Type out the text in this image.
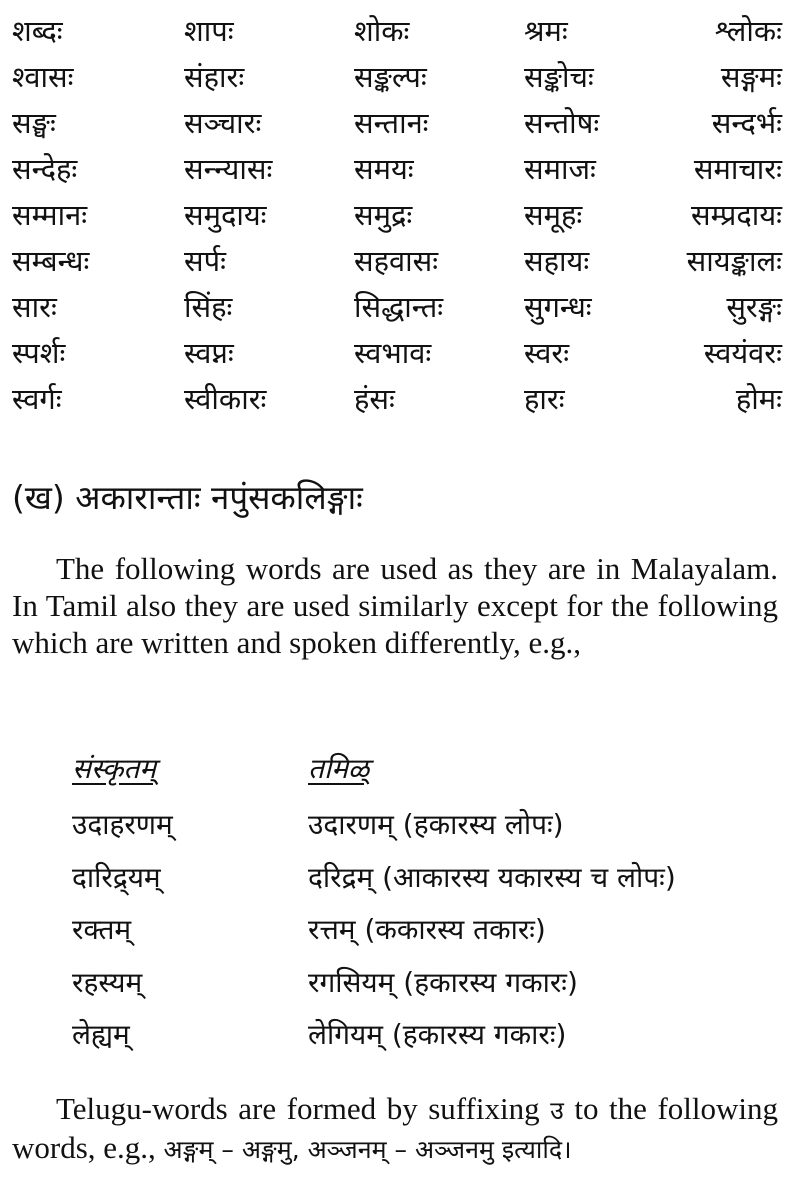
शब्दः	शापः	शोकः	श्रमः	श्लोकः
श्वासः	संहारः	सङ्कल्पः	सङ्कोचः	सङ्गमः
सङ्घः	सञ्चारः	सन्तानः	सन्तोषः	सन्दर्भः
सन्देहः	सन्न्यासः	समयः	समाजः	समाचारः
सम्मानः	समुदायः	समुद्रः	समूहः	सम्प्रदायः
सम्बन्धः	सर्पः	सहवासः	सहायः	सायङ्कालः
सारः	सिंहः	सिद्धान्तः	सुगन्धः	सुरङ्गः
स्पर्शः	स्वप्नः	स्वभावः	स्वरः	स्वयंवरः
स्वर्गः	स्वीकारः	हंसः	हारः	होमः
(ख) अकारान्ताः नपुंसकलिङ्गाः

The following words are used as they are in Malayalam. In Tamil also they are used similarly except for the following which are written and spoken differently, e.g.,

संस्कृतम्	तमिळ्
उदाहरणम्	उदारणम् (हकारस्य लोपः)
दारिद्र्यम्	दरिद्रम् (आकारस्य यकारस्य च लोपः)
रक्तम्	रत्तम् (ककारस्य तकारः)
रहस्यम्	रगसियम् (हकारस्य गकारः)
लेह्यम्	लेगियम् (हकारस्य गकारः)

Telugu-words are formed by suffixing उ to the following words, e.g., अङ्गम् – अङ्गमु, अञ्जनम् – अञ्जनमु इत्यादि।
